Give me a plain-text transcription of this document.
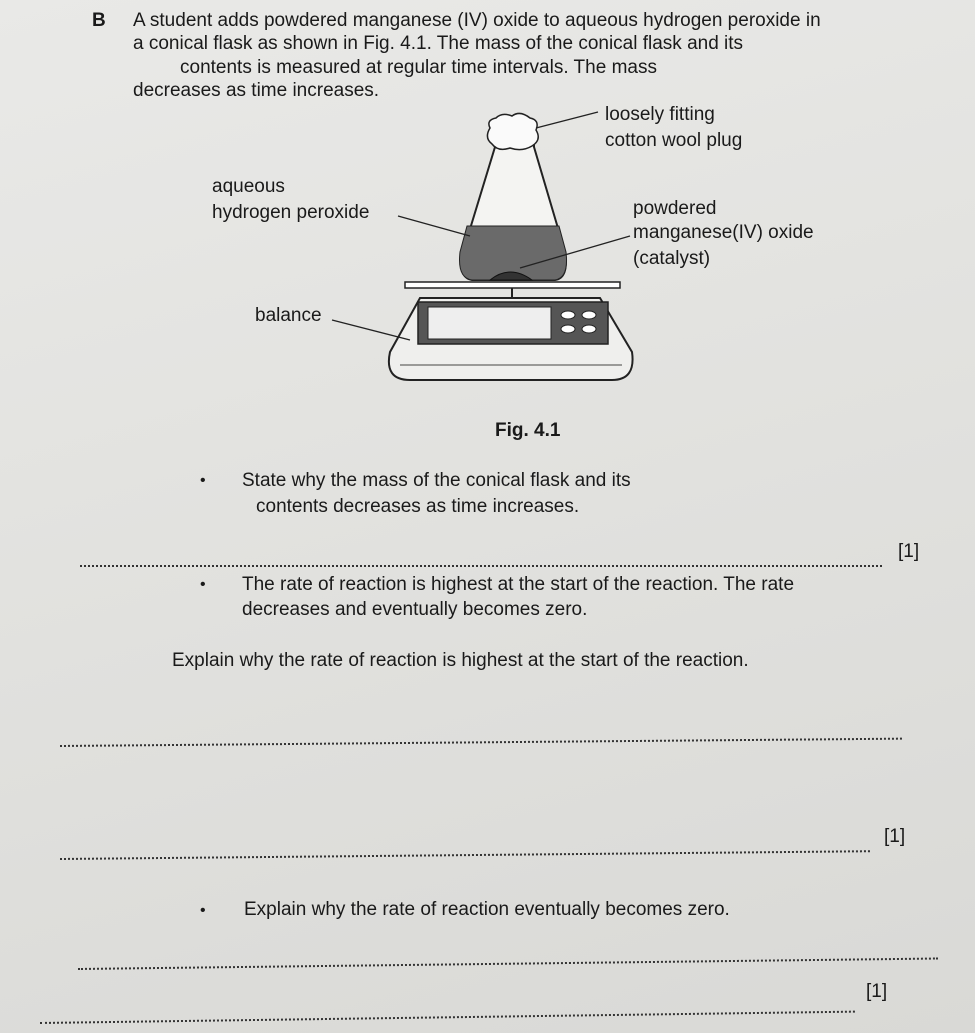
B A student adds powdered manganese (IV) oxide to aqueous hydrogen peroxide in
a conical flask as shown in Fig. 4.1. The mass of the conical flask and its
contents is measured at regular time intervals. The mass
decreases as time increases.
loosely fitting
cotton wool plug
aqueous
hydrogen peroxide	powdered
manganese(IV) oxide
(catalyst)
balance
Fig. 4.1
• State why the mass of the conical flask and its
contents decreases as time increases.
[1]
• The rate of reaction is highest at the start of the reaction. The rate
decreases and eventually becomes zero.
Explain why the rate of reaction is highest at the start of the reaction.
[1]
• Explain why the rate of reaction eventually becomes zero.
[1]
